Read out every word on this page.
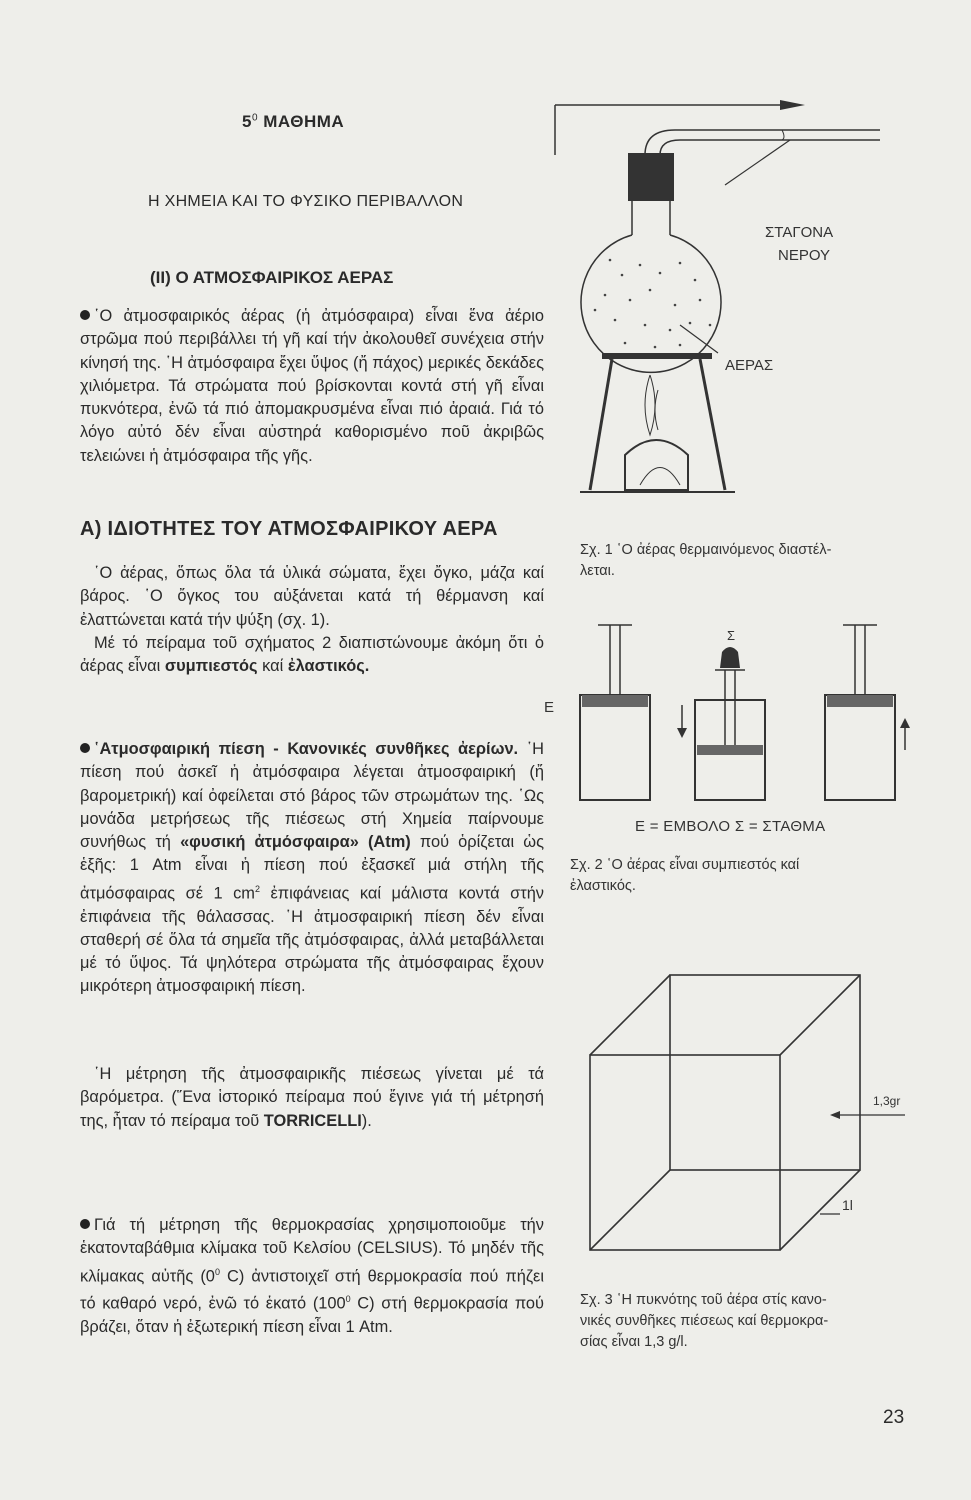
$5^0$ ΜΑΘΗΜΑ
Η ΧΗΜΕΙΑ ΚΑΙ ΤΟ ΦΥΣΙΚΟ ΠΕΡΙΒΑΛΛΟΝ
(ΙΙ) Ο ΑΤΜΟΣΦΑΙΡΙΚΟΣ ΑΕΡΑΣ
῾Ο ἀτμοσφαιρικός ἀέρας (ἡ ἀτμόσφαιρα) εἶναι ἕνα ἀέριο στρῶμα πού περιβάλλει τή γῆ καί τήν ἀκολουθεῖ συνέχεια στήν κίνησή της. ῾Η ἀτμόσφαιρα ἔχει ὕψος (ἤ πάχος) μερικές δεκάδες χιλιόμετρα. Τά στρώματα πού βρίσκονται κοντά στή γῆ εἶναι πυκνότερα, ἐνῶ τά πιό ἀπομακρυσμένα εἶναι πιό ἀραιά. Γιά τό λόγο αὐτό δέν εἶναι αὐστηρά καθορισμένο ποῦ ἀκριβῶς τελειώνει ἡ ἀτμόσφαιρα τῆς γῆς.
Α) ΙΔΙΟΤΗΤΕΣ ΤΟΥ ΑΤΜΟΣΦΑΙΡΙΚΟΥ ΑΕΡΑ
῾Ο ἀέρας, ὅπως ὅλα τά ὑλικά σώματα, ἔχει ὄγκο, μάζα καί βάρος. ῾Ο ὄγκος του αὐξάνεται κατά τή θέρμανση καί ἐλαττώνεται κατά τήν ψύξη (σχ. 1).
Μέ τό πείραμα τοῦ σχήματος 2 διαπιστώνουμε ἀκόμη ὅτι ὁ ἀέρας εἶναι συμπιεστός καί ἐλαστικός.
῾Ατμοσφαιρική πίεση - Κανονικές συνθῆκες ἀερίων. ῾Η πίεση πού ἀσκεῖ ἡ ἀτμόσφαιρα λέγεται ἀτμοσφαιρική (ἤ βαρομετρική) καί ὀφείλεται στό βάρος τῶν στρωμάτων της. ῾Ως μονάδα μετρήσεως τῆς πιέσεως στή Χημεία παίρνουμε συνήθως τή «φυσική ἀτμόσφαιρα» (Atm) πού ὁρίζεται ὡς ἑξῆς: 1 Atm εἶναι ἡ πίεση πού ἐξασκεῖ μιά στήλη τῆς ἀτμόσφαιρας σέ 1 $cm^2$ ἐπιφάνειας καί μάλιστα κοντά στήν ἐπιφάνεια τῆς θάλασσας. ῾Η ἀτμοσφαιρική πίεση δέν εἶναι σταθερή σέ ὅλα τά σημεῖα τῆς ἀτμόσφαιρας, ἀλλά μεταβάλλεται μέ τό ὕψος. Τά ψηλότερα στρώματα τῆς ἀτμόσφαιρας ἔχουν μικρότερη ἀτμοσφαιρική πίεση.
῾Η μέτρηση τῆς ἀτμοσφαιρικῆς πιέσεως γίνεται μέ τά βαρόμετρα. (῞Ενα ἱστορικό πείραμα πού ἔγινε γιά τή μέτρησή της, ἦταν τό πείραμα τοῦ TORRICELLI).
Γιά τή μέτρηση τῆς θερμοκρασίας χρησιμοποιοῦμε τήν ἑκατονταβάθμια κλίμακα τοῦ Κελσίου (CELSIUS). Τό μηδέν τῆς κλίμακας αὐτῆς ($0^0$ C) ἀντιστοιχεῖ στή θερμοκρασία πού πήζει τό καθαρό νερό, ἐνῶ τό ἑκατό ($100^0$ C) στή θερμοκρασία πού βράζει, ὅταν ἡ ἐξωτερική πίεση εἶναι 1 Atm.
ΣΤΑΓΟΝΑ
ΝΕΡΟΥ
ΑΕΡΑΣ
Σχ. 1 ῾Ο ἀέρας θερμαινόμενος διαστέλ-
λεται.
Ε
Σ
Ε = ΕΜΒΟΛΟ Σ = ΣΤΑΘΜΑ
Σχ. 2 ῾Ο ἀέρας εἶναι συμπιεστός καί
ἐλαστικός.
1,3gr
1l
Σχ. 3 ῾Η πυκνότης τοῦ ἀέρα στίς κανο-
νικές συνθῆκες πιέσεως καί θερμοκρα-
σίας εἶναι 1,3 g/l.
23
